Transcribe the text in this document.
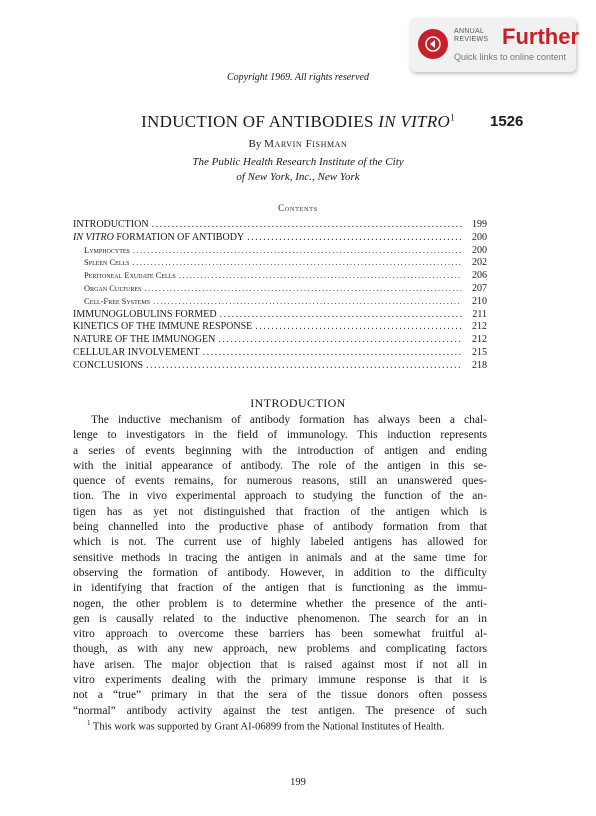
ANNUAL
REVIEWS Further
Quick links to online content
Copyright 1969. All rights reserved
INDUCTION OF ANTIBODIES IN VITRO$^1$	1526
By Marvin Fishman
The Public Health Research Institute of the City
of New York, Inc., New York
Contents
INTRODUCTION .....	199
IN VITRO FORMATION OF ANTIBODY .....	200
Lymphocytes .....	200
Spleen Cells .....	202
Peritoneal Exudate Cells .....	206
Organ Cultures .....	207
Cell-Free Systems .....	210
IMMUNOGLOBULINS FORMED .....	211
KINETICS OF THE IMMUNE RESPONSE .....	212
NATURE OF THE IMMUNOGEN .....	212
CELLULAR INVOLVEMENT .....	215
CONCLUSIONS .....	218
INTRODUCTION
The inductive mechanism of antibody formation has always been a chal-
lenge to investigators in the field of immunology. This induction represents
a series of events beginning with the introduction of antigen and ending
with the initial appearance of antibody. The role of the antigen in this se-
quence of events remains, for numerous reasons, still an unanswered ques-
tion. The in vivo experimental approach to studying the function of the an-
tigen has as yet not distinguished that fraction of the antigen which is
being channelled into the productive phase of antibody formation from that
which is not. The current use of highly labeled antigens has allowed for
sensitive methods in tracing the antigen in animals and at the same time for
observing the formation of antibody. However, in addition to the difficulty
in identifying that fraction of the antigen that is functioning as the immu-
nogen, the other problem is to determine whether the presence of the anti-
gen is causally related to the inductive phenomenon. The search for an in
vitro approach to overcome these barriers has been somewhat fruitful al-
though, as with any new approach, new problems and complicating factors
have arisen. The major objection that is raised against most if not all in
vitro experiments dealing with the primary immune response is that it is
not a “true” primary in that the sera of the tissue donors often possess
“normal” antibody activity against the test antigen. The presence of such
$^1$ This work was supported by Grant AI-06899 from the National Institutes of Health.
199
